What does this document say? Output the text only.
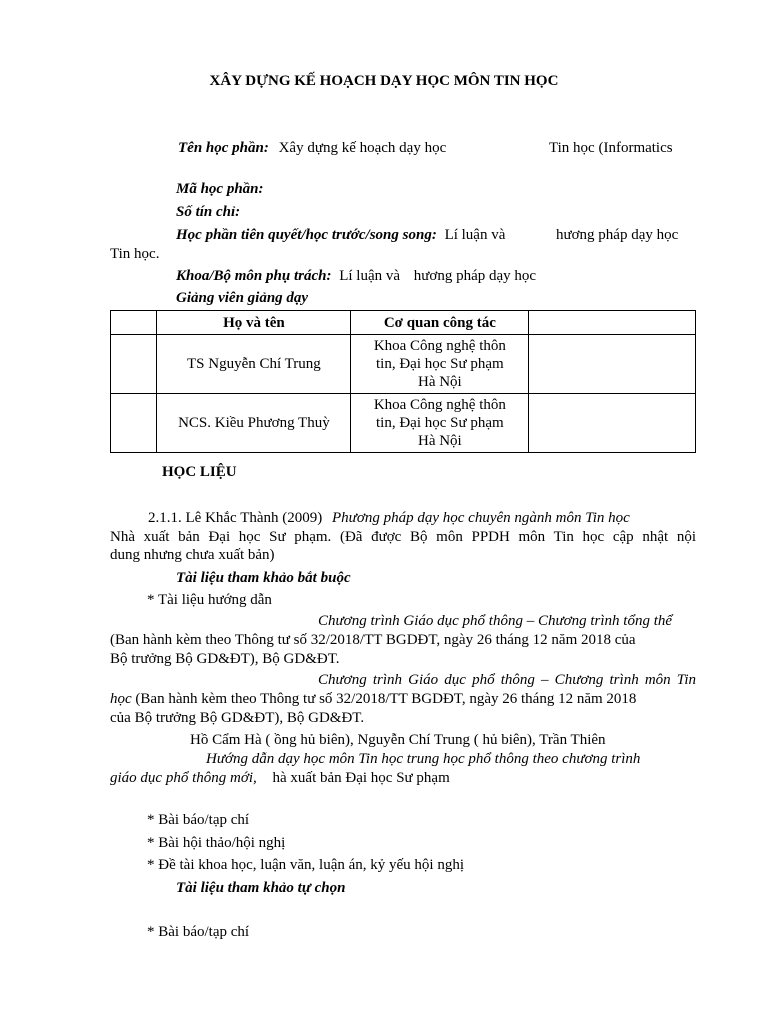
XÂY DỰNG KẾ HOẠCH DẠY HỌC MÔN TIN HỌC
Tên học phần: Xây dựng kế hoạch dạy học	Tin học (Informatics
Mã học phần:
Số tín chỉ:
Học phần tiên quyết/học trước/song song: Lí luận và	hương pháp dạy học
Tin học.
Khoa/Bộ môn phụ trách: Lí luận và hương pháp dạy học
Giảng viên giảng dạy
	Họ và tên	Cơ quan công tác	
	TS Nguyễn Chí Trung	Khoa Công nghệ thôn
tin, Đại học Sư phạm
Hà Nội	

	NCS. Kiều Phương Thuỳ	Khoa Công nghệ thôn
tin, Đại học Sư phạm
Hà Nội	

HỌC LIỆU
2.1.1. Lê Khắc Thành (2009) Phương pháp dạy học chuyên ngành môn Tin học
Nhà xuất bản Đại học Sư phạm. (Đã được Bộ môn PPDH môn Tin học cập nhật nội
dung nhưng chưa xuất bản)
Tài liệu tham khảo bắt buộc
* Tài liệu hướng dẫn
Chương trình Giáo dục phổ thông – Chương trình tổng thể
(Ban hành kèm theo Thông tư số 32/2018/TT BGDĐT, ngày 26 tháng 12 năm 2018 của
Bộ trưởng Bộ GD&ĐT), Bộ GD&ĐT.
Chương trình Giáo dục phổ thông – Chương trình môn Tin
học (Ban hành kèm theo Thông tư số 32/2018/TT BGDĐT, ngày 26 tháng 12 năm 2018
của Bộ trưởng Bộ GD&ĐT), Bộ GD&ĐT.
Hồ Cẩm Hà ( ồng hủ biên), Nguyễn Chí Trung ( hủ biên), Trần Thiên
Hướng dẫn dạy học môn Tin học trung học phổ thông theo chương trình
giáo dục phổ thông mới, hà xuất bản Đại học Sư phạm
* Bài báo/tạp chí
* Bài hội thảo/hội nghị
* Đề tài khoa học, luận văn, luận án, kỷ yếu hội nghị
Tài liệu tham khảo tự chọn
* Bài báo/tạp chí
